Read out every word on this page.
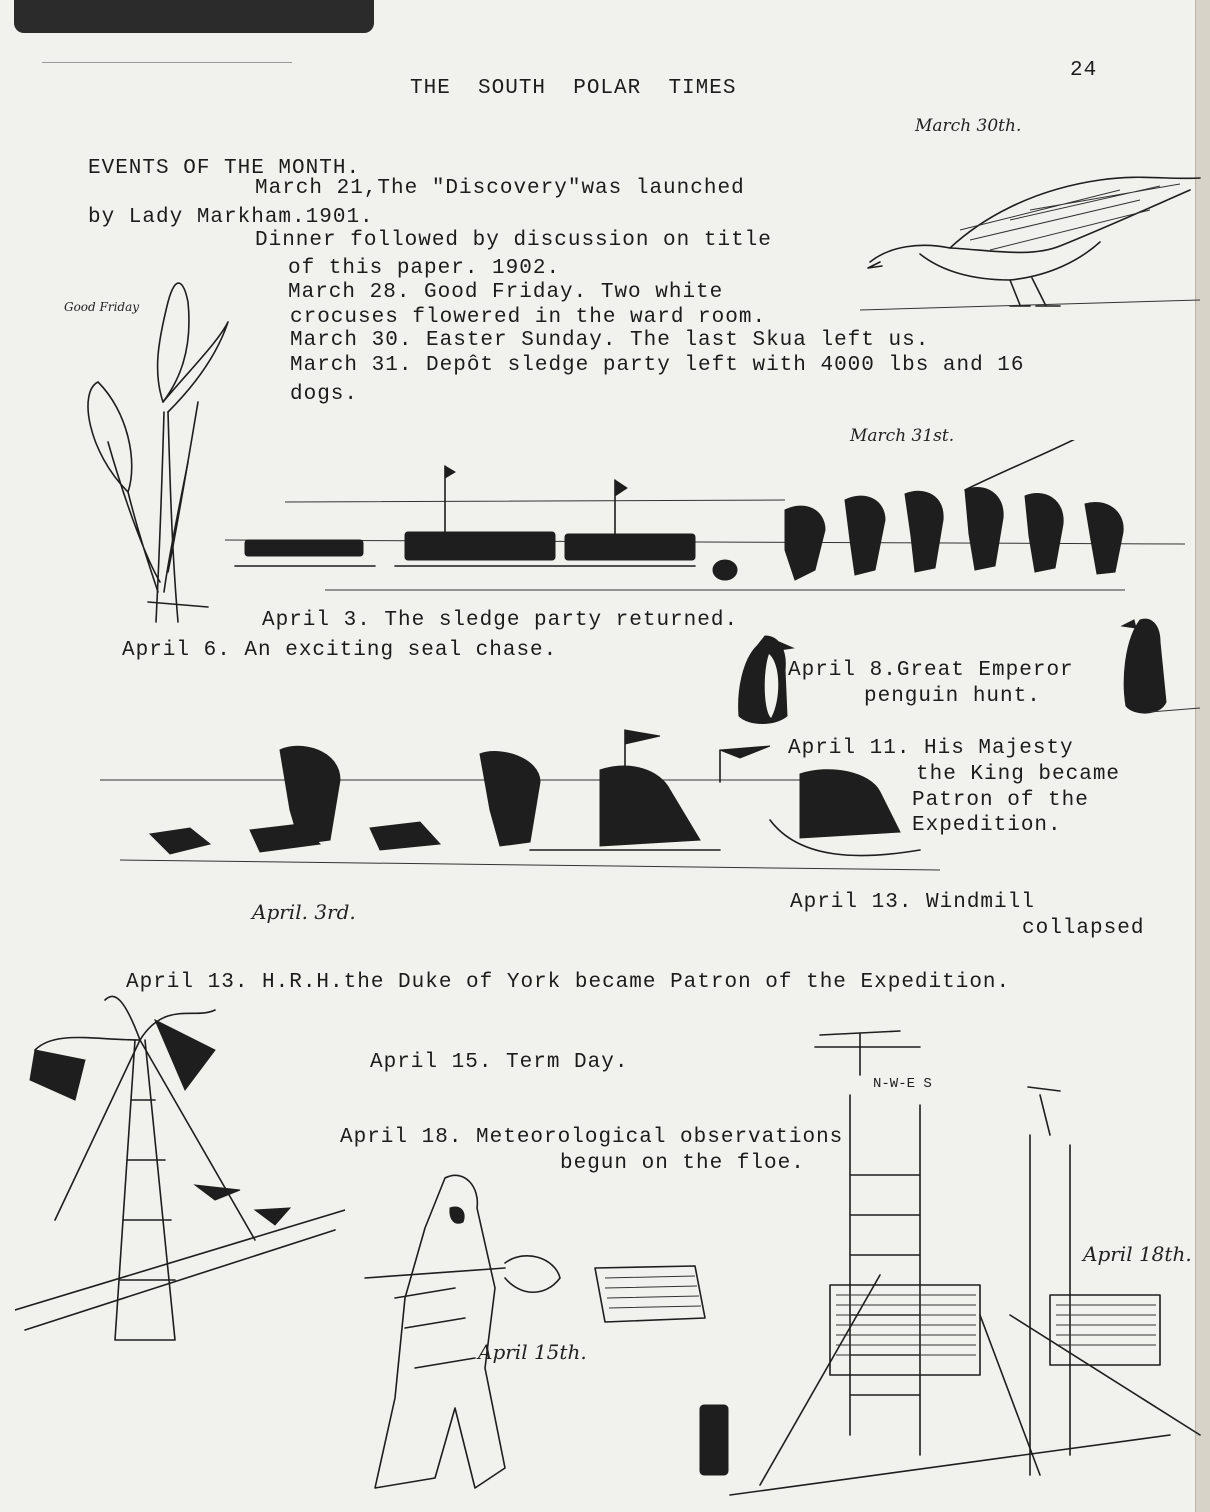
THE  SOUTH  POLAR  TIMES
24
EVENTS OF THE MONTH.
March 21,The "Discovery"was launched
by Lady Markham.1901.
Dinner followed by discussion on title
of this paper. 1902.
March 28. Good Friday. Two white
crocuses flowered in the ward room.
March 30. Easter Sunday. The last Skua left us.
March 31. Depôt sledge party left with 4000 lbs and 16
dogs.
March 30th.
Good Friday
March 31st.
April. 3rd.
April 15th.
April 18th.
April 3. The sledge party returned.
April 6. An exciting seal chase.
April 8.Great Emperor
penguin hunt.
April 11. His Majesty
the King became
Patron of the
Expedition.
April 13. Windmill
collapsed
April 13. H.R.H.the Duke of York became Patron of the Expedition.
April 15. Term Day.
April 18. Meteorological observations
begun on the floe.
N-W-E S
